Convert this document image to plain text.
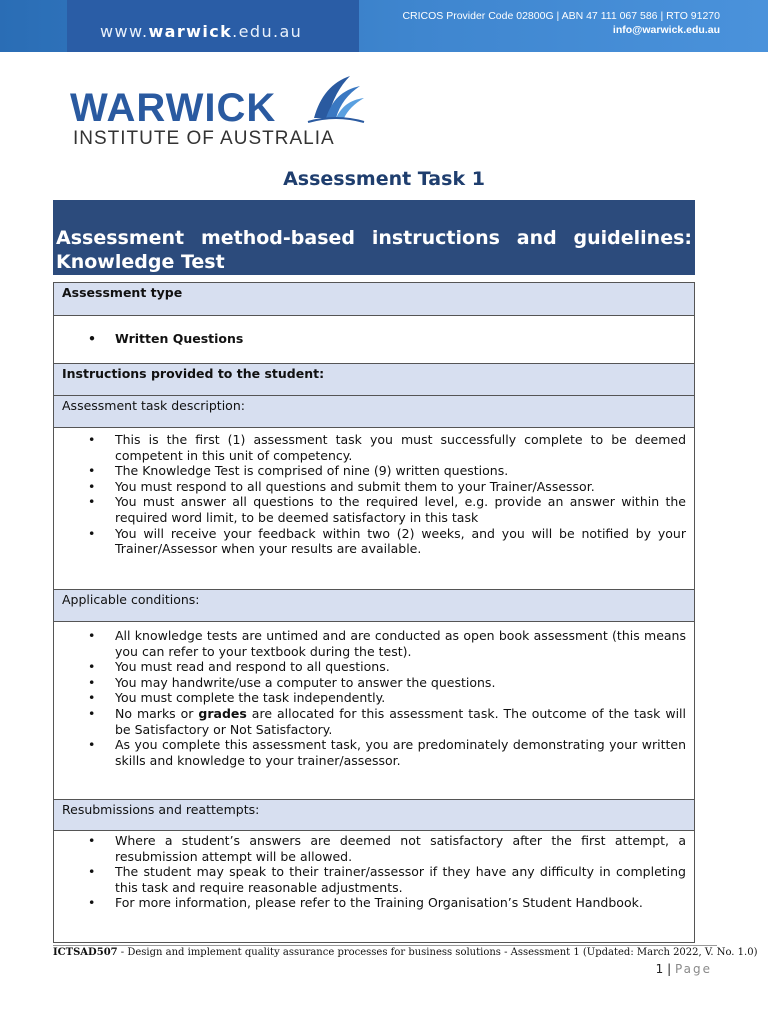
www.warwick.edu.au
CRICOS Provider Code 02800G | ABN 47 111 067 586 | RTO 91270
info@warwick.edu.au
WARWICK
INSTITUTE OF AUSTRALIA
Assessment Task 1
Assessment method-based instructions and guidelines: Knowledge Test
Assessment type

• Written Questions

Instructions provided to the student:
Assessment task description:

• This is the first (1) assessment task you must successfully complete to be deemed competent in this unit of competency.
• The Knowledge Test is comprised of nine (9) written questions.
• You must respond to all questions and submit them to your Trainer/Assessor.
• You must answer all questions to the required level, e.g. provide an answer within the required word limit, to be deemed satisfactory in this task
• You will receive your feedback within two (2) weeks, and you will be notified by your Trainer/Assessor when your results are available.

Applicable conditions:

• All knowledge tests are untimed and are conducted as open book assessment (this means you can refer to your textbook during the test).
• You must read and respond to all questions.
• You may handwrite/use a computer to answer the questions.
• You must complete the task independently.
• No marks or grades are allocated for this assessment task. The outcome of the task will be Satisfactory or Not Satisfactory.
• As you complete this assessment task, you are predominately demonstrating your written skills and knowledge to your trainer/assessor.

Resubmissions and reattempts:

• Where a student’s answers are deemed not satisfactory after the first attempt, a resubmission attempt will be allowed.
• The student may speak to their trainer/assessor if they have any difficulty in completing this task and require reasonable adjustments.
• For more information, please refer to the Training Organisation’s Student Handbook.
ICTSAD507 - Design and implement quality assurance processes for business solutions - Assessment 1 (Updated: March 2022, V. No. 1.0)
1 | Page
